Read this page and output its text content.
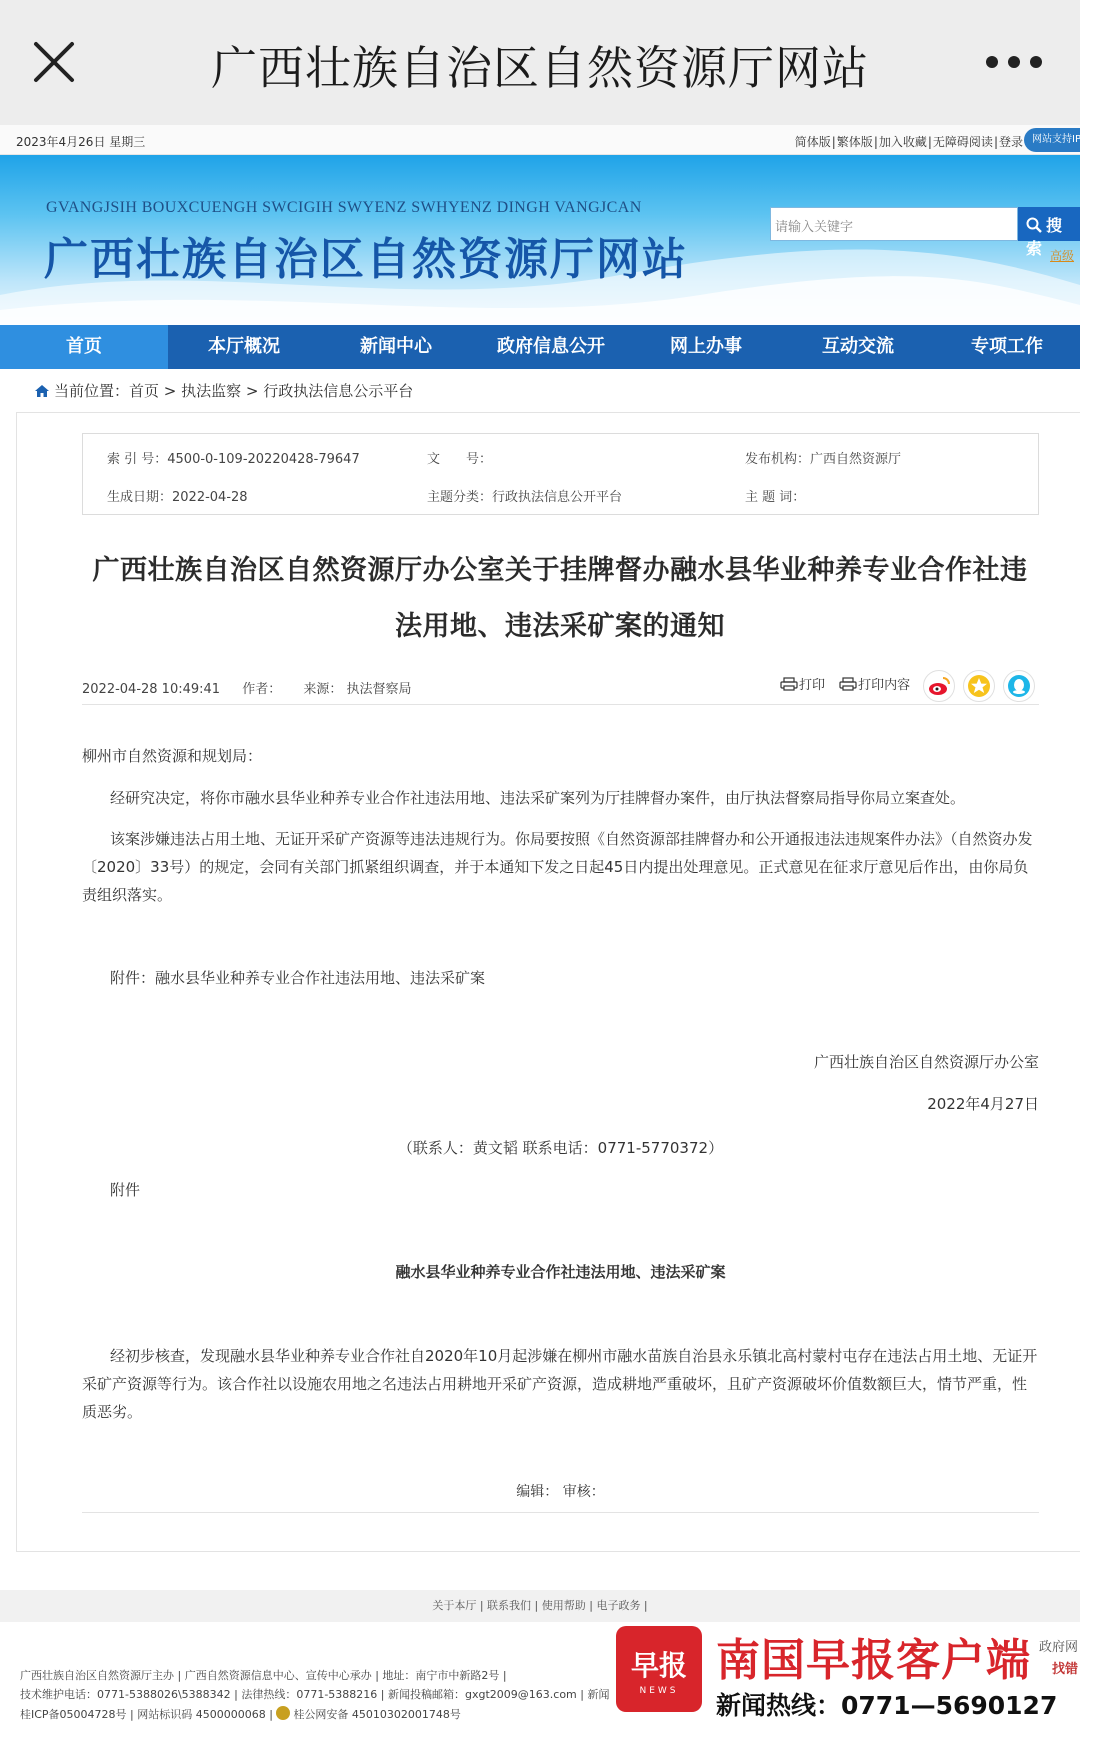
广西壮族自治区自然资源厅网站
2023年4月26日 星期三	简体版|繁体版|加入收藏|无障碍阅读|登录 网站支持IPv6
GVANGJSIH BOUXCUENGH SWCIGIH SWYENZ SWHYENZ DINGH VANGJCAN
广西壮族自治区自然资源厅网站
请输入关键字	搜 索 高级
首页	本厅概况	新闻中心	政府信息公开	网上办事	互动交流	专项工作
当前位置：首页 > 执法监察 > 行政执法信息公示平台
索 引 号：4500-0-109-20220428-79647	文　　号：	发布机构：广西自然资源厅
生成日期：2022-04-28	主题分类：行政执法信息公开平台	主 题 词：
广西壮族自治区自然资源厅办公室关于挂牌督办融水县华业种养专业合作社违
法用地、违法采矿案的通知
2022-04-28 10:49:41 作者： 来源： 执法督察局	打印	打印内容
柳州市自然资源和规划局：
经研究决定，将你市融水县华业种养专业合作社违法用地、违法采矿案列为厅挂牌督办案件，由厅执法督察局指导你局立案查处。
该案涉嫌违法占用土地、无证开采矿产资源等违法违规行为。你局要按照《自然资源部挂牌督办和公开通报违法违规案件办法》（自然资办发〔2020〕33号）的规定，会同有关部门抓紧组织调查，并于本通知下发之日起45日内提出处理意见。正式意见在征求厅意见后作出，由你局负责组织落实。
附件：融水县华业种养专业合作社违法用地、违法采矿案
广西壮族自治区自然资源厅办公室
2022年4月27日
（联系人：黄文韬 联系电话：0771-5770372）
附件
融水县华业种养专业合作社违法用地、违法采矿案
经初步核查，发现融水县华业种养专业合作社自2020年10月起涉嫌在柳州市融水苗族自治县永乐镇北高村蒙村屯存在违法占用土地、无证开采矿产资源等行为。该合作社以设施农用地之名违法占用耕地开采矿产资源，造成耕地严重破坏，且矿产资源破坏价值数额巨大，情节严重，性质恶劣。
编辑： 审核：
关于本厅 | 联系我们 | 使用帮助 | 电子政务 |
广西壮族自治区自然资源厅主办 | 广西自然资源信息中心、宣传中心承办 | 地址：南宁市中新路2号 |
技术维护电话：0771-5388026\5388342 | 法律热线：0771-5388216 | 新闻投稿邮箱：gxgt2009@163.com | 新闻
桂ICP备05004728号 | 网站标识码 4500000068 | 桂公网安备 45010302001748号
早报
NEWS
南国早报客户端
新闻热线：0771—5690127
政府网
找错
